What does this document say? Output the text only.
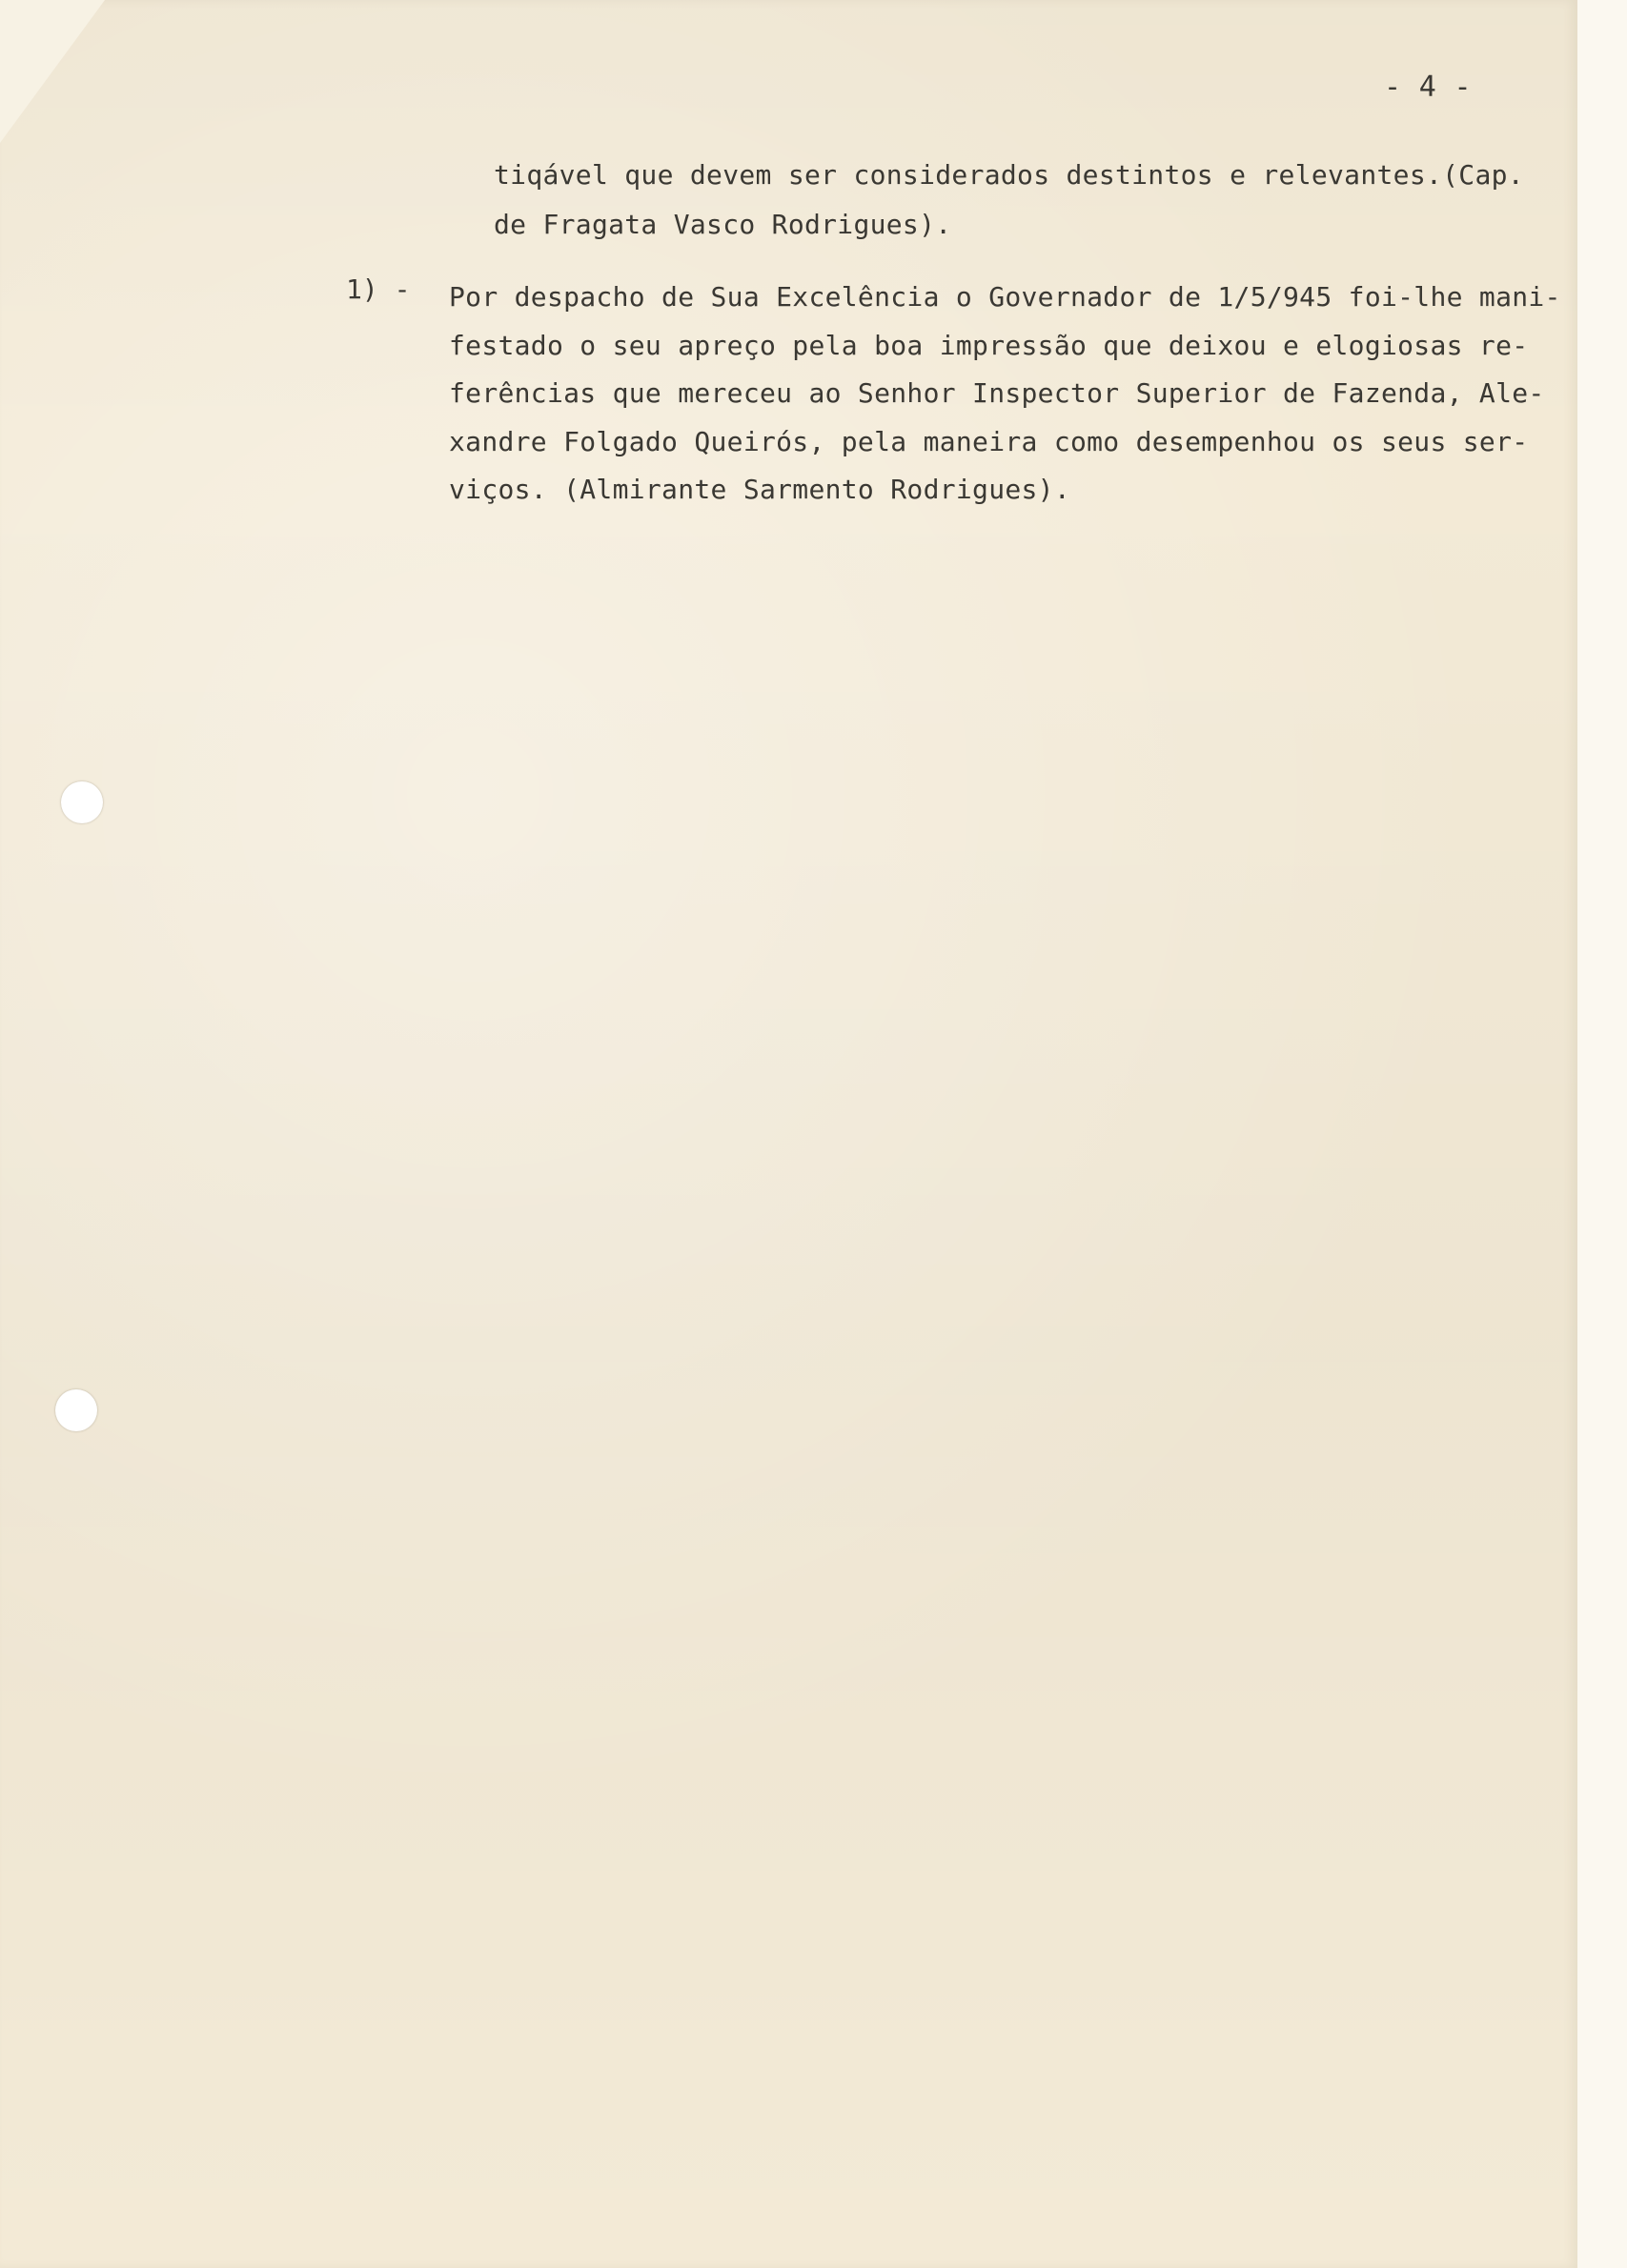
- 4 -
tiqável que devem ser considerados destintos e relevantes.(Cap.
de Fragata Vasco Rodrigues).
1) - Por despacho de Sua Excelência o Governador de 1/5/945 foi-lhe mani-
festado o seu apreço pela boa impressão que deixou e elogiosas re-
ferências que mereceu ao Senhor Inspector Superior de Fazenda, Ale-
xandre Folgado Queirós, pela maneira como desempenhou os seus ser-
viços. (Almirante Sarmento Rodrigues).
